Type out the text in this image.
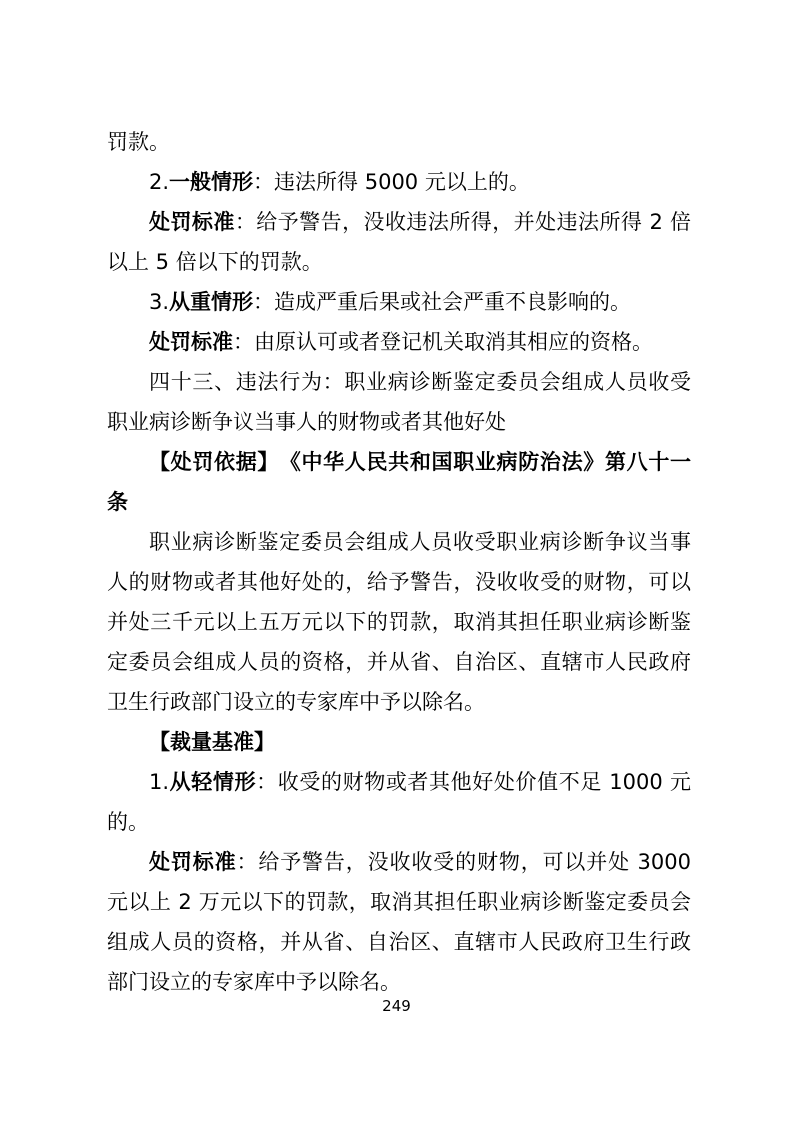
罚款。

2.一般情形：违法所得 5000 元以上的。

处罚标准：给予警告，没收违法所得，并处违法所得 2 倍以上 5 倍以下的罚款。

3.从重情形：造成严重后果或社会严重不良影响的。

处罚标准：由原认可或者登记机关取消其相应的资格。

四十三、违法行为：职业病诊断鉴定委员会组成人员收受职业病诊断争议当事人的财物或者其他好处

【处罚依据】　《中华人民共和国职业病防治法》第八十一条

职业病诊断鉴定委员会组成人员收受职业病诊断争议当事人的财物或者其他好处的，给予警告，没收收受的财物，可以并处三千元以上五万元以下的罚款，取消其担任职业病诊断鉴定委员会组成人员的资格，并从省、自治区、直辖市人民政府卫生行政部门设立的专家库中予以除名。

【裁量基准】

1.从轻情形：收受的财物或者其他好处价值不足 1000 元的。

处罚标准：给予警告，没收收受的财物，可以并处 3000 元以上 2 万元以下的罚款，取消其担任职业病诊断鉴定委员会组成人员的资格，并从省、自治区、直辖市人民政府卫生行政部门设立的专家库中予以除名。

249
